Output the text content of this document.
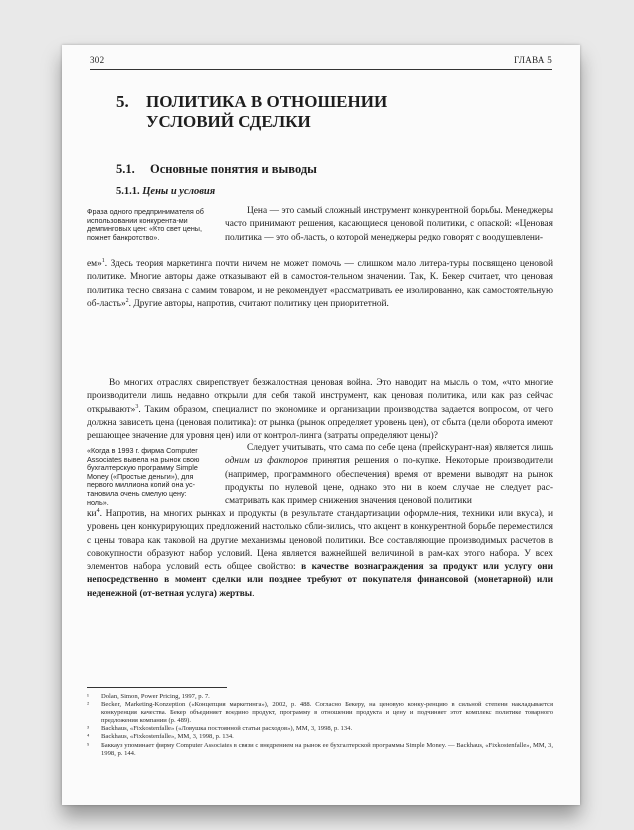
302	ГЛАВА 5
5. ПОЛИТИКА В ОТНОШЕНИИ УСЛОВИЙ СДЕЛКИ
5.1. Основные понятия и выводы
5.1.1. Цены и условия
Фраза одного предпринимателя об использовании конкурента-ми демпинговых цен: «Кто свет цены, пожнет банкротство».
«Когда в 1993 г. фирма Computer Associates вывела на рынок свою бухгалтерскую программу Simple Money («Простые деньги»), для первого миллиона копий она ус-тановила очень смелую цену: ноль».
Цена — это самый сложный инструмент конкурентной борьбы. Менеджеры часто принимают решения, касающиеся ценовой политики, с опаской: «Ценовая политика — это об-ласть, о которой менеджеры редко говорят с воодушевлени-
ем»$^1$. Здесь теория маркетинга почти ничем не может помочь — слишком мало литера-туры посвящено ценовой политике. Многие авторы даже отказывают ей в самостоя-тельном значении. Так, К. Бекер считает, что ценовая политика тесно связана с самим товаром, и не рекомендует «рассматривать ее изолированно, как самостоятельную об-ласть»$^2$. Другие авторы, напротив, считают политику цен приоритетной.
Во многих отраслях свирепствует безжалостная ценовая война. Это наводит на мысль о том, «что многие производители лишь недавно открыли для себя такой инструмент, как ценовая политика, или как раз сейчас открывают»$^3$. Таким образом, специалист по экономике и организации производства задается вопросом, от чего должна зависеть цена (ценовая политика): от рынка (рынок определяет уровень цен), от сбыта (цели оборота имеют решающее значение для уровня цен) или от контрол-линга (затраты определяют цены)?
Следует учитывать, что сама по себе цена (прейскурант-ная) является лишь одним из факторов принятия решения о по-купке. Некоторые производители (например, программного обеспечения) время от времени выводят на рынок продукты по нулевой цене, однако это ни в коем случае не следует рас-сматривать как пример снижения значения ценовой политики
$ки^4$. Напротив, на многих рынках и продукты (в результате стандартизации оформле-ния, техники или вкуса), и уровень цен конкурирующих предложений настолько сбли-зились, что акцент в конкурентной борьбе переместился с цены товара как таковой на другие механизмы ценовой политики. Все составляющие производимых расчетов в совокупности образуют набор условий. Цена является важнейшей величиной в рам-ках этого набора. У всех элементов набора условий есть общее свойство: в качестве вознаграждения за продукт или услугу они непосредственно в момент сделки или позднее требуют от покупателя финансовой (монетарной) или неденежной (от-ветная услуга) жертвы.
¹ Dolan, Simon, Power Pricing, 1997, p. 7.
² Becker, Marketing-Konzeption («Концепция маркетинга»), 2002, p. 488. Согласно Бекеру, на ценовую конку-ренцию в сильной степени накладывается конкуренция качества. Бекер объединяет воедино продукт, программу в отношении продукта и цену и подчиняет этот комплекс политике товарного предложения компании (p. 489).
³ Backhaus, «Fixkostenfalle» («Ловушка постоянной статьи расходов»), MM, 3, 1998, p. 134.
⁴ Backhaus, «Fixkostenfalle», MM, 3, 1998, p. 134.
⁵ Баккауз упоминает фирму Computer Associates в связи с внедрением на рынок ее бухгалтерской программы Simple Money. — Backhaus, «Fixkostenfalle», MM, 3, 1998, p. 144.
